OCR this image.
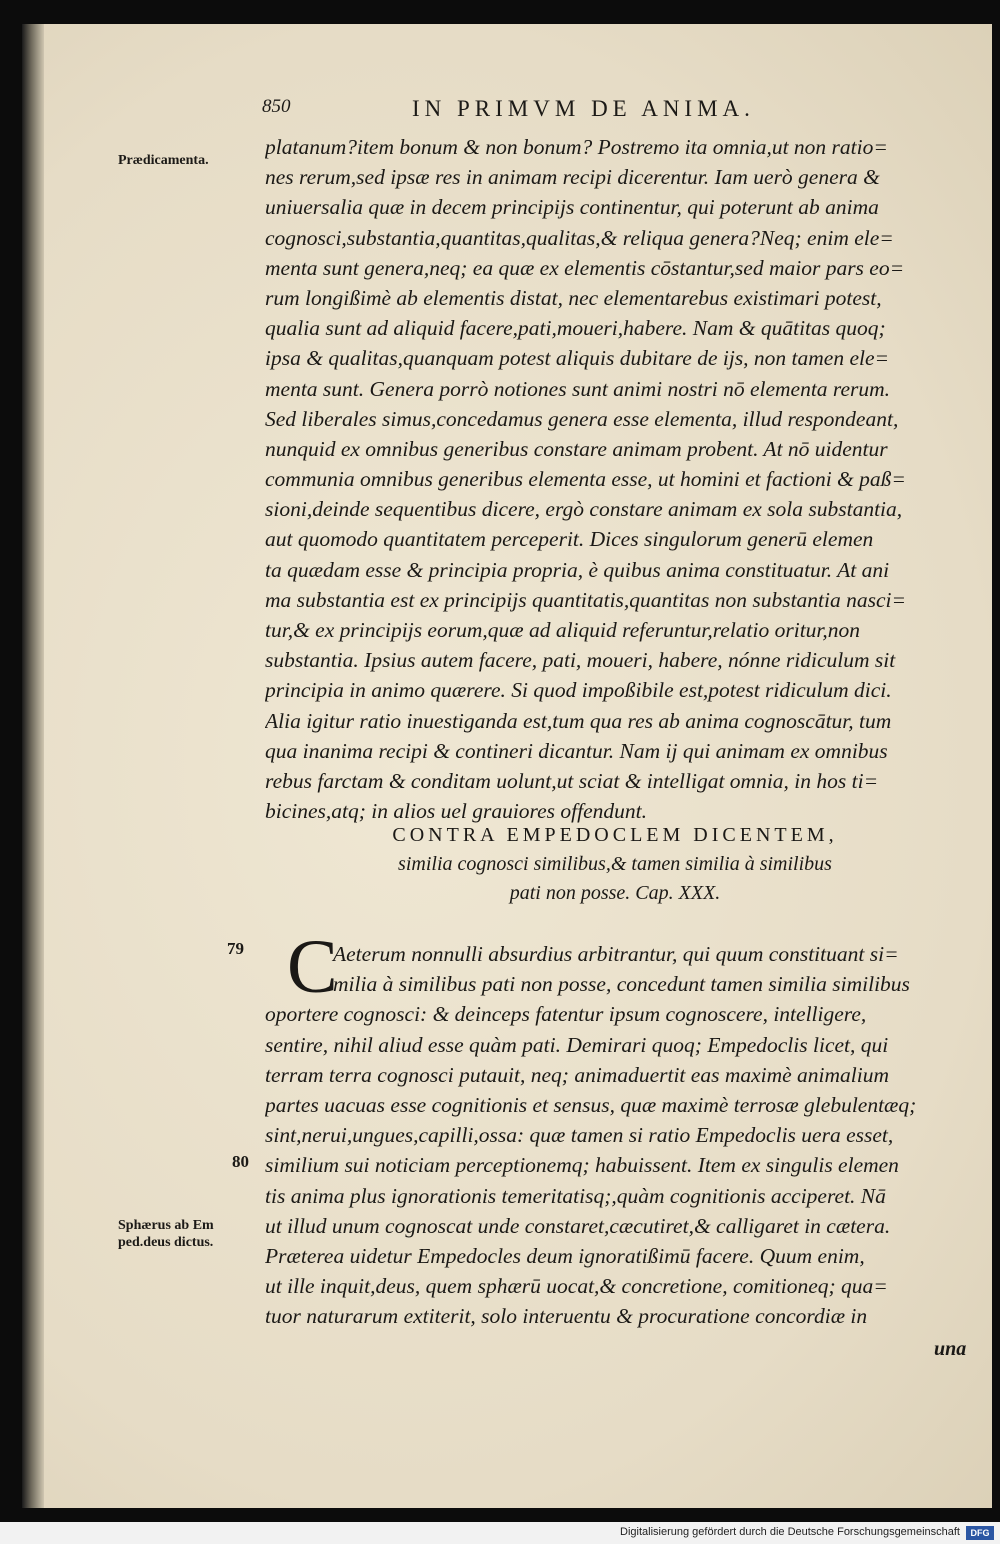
850	IN PRIMVM DE ANIMA.
Prædicamenta.
79
80
Sphærus ab Em
ped.deus dictus.
platanum?item bonum & non bonum? Postremo ita omnia,ut non ratio=
nes rerum,sed ipsæ res in animam recipi dicerentur. Iam uerò genera &
uniuersalia quæ in decem principijs continentur, qui poterunt ab anima
cognosci,substantia,quantitas,qualitas,& reliqua genera?Neq; enim ele=
menta sunt genera,neq; ea quæ ex elementis cōstantur,sed maior pars eo=
rum longißimè ab elementis distat, nec elementarebus existimari potest,
qualia sunt ad aliquid facere,pati,moueri,habere. Nam & quātitas quoq;
ipsa & qualitas,quanquam potest aliquis dubitare de ijs, non tamen ele=
menta sunt. Genera porrò notiones sunt animi nostri nō elementa rerum.
Sed liberales simus,concedamus genera esse elementa, illud respondeant,
nunquid ex omnibus generibus constare animam probent. At nō uidentur
communia omnibus generibus elementa esse, ut homini et factioni & paß=
sioni,deinde sequentibus dicere, ergò constare animam ex sola substantia,
aut quomodo quantitatem perceperit. Dices singulorum generū elemen
ta quædam esse & principia propria, è quibus anima constituatur. At ani
ma substantia est ex principijs quantitatis,quantitas non substantia nasci=
tur,& ex principijs eorum,quæ ad aliquid referuntur,relatio oritur,non
substantia. Ipsius autem facere, pati, moueri, habere, nónne ridiculum sit
principia in animo quærere. Si quod impoßibile est,potest ridiculum dici.
Alia igitur ratio inuestiganda est,tum qua res ab anima cognoscātur, tum
qua inanima recipi & contineri dicantur. Nam ij qui animam ex omnibus
rebus farctam & conditam uolunt,ut sciat & intelligat omnia, in hos ti=
bicines,atq; in alios uel grauiores offendunt.
CONTRA EMPEDOCLEM DICENTEM,
similia cognosci similibus,& tamen similia à similibus
pati non posse. Cap. XXX.
C
Aeterum nonnulli absurdius arbitrantur, qui quum constituant si=
milia à similibus pati non posse, concedunt tamen similia similibus
oportere cognosci: & deinceps fatentur ipsum cognoscere, intelligere,
sentire, nihil aliud esse quàm pati. Demirari quoq; Empedoclis licet, qui
terram terra cognosci putauit, neq; animaduertit eas maximè animalium
partes uacuas esse cognitionis et sensus, quæ maximè terrosæ glebulentæq;
sint,nerui,ungues,capilli,ossa: quæ tamen si ratio Empedoclis uera esset,
similium sui noticiam perceptionemq; habuissent. Item ex singulis elemen
tis anima plus ignorationis temeritatisq;,quàm cognitionis acciperet. Nā
ut illud unum cognoscat unde constaret,cæcutiret,& calligaret in cætera.
Præterea uidetur Empedocles deum ignoratißimū facere. Quum enim,
ut ille inquit,deus, quem sphærū uocat,& concretione, comitioneq; qua=
tuor naturarum extiterit, solo interuentu & procuratione concordiæ in
una
Digitalisierung gefördert durch die Deutsche Forschungsgemeinschaft	DFG
